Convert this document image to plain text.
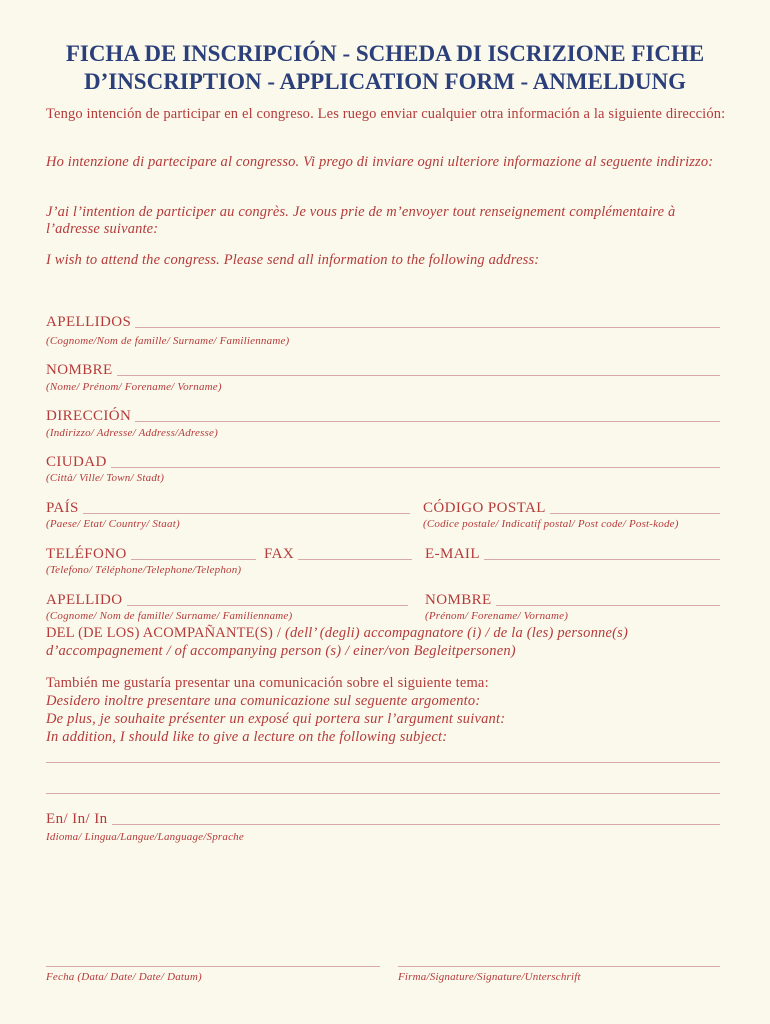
FICHA DE INSCRIPCIÓN - SCHEDA DI ISCRIZIONE FICHE
D’INSCRIPTION - APPLICATION FORM - ANMELDUNG

Tengo intención de participar en el congreso. Les ruego enviar cualquier otra información a la siguiente dirección:

Ho intenzione di partecipare al congresso. Vi prego di inviare ogni ulteriore informazione al seguente indirizzo:

J’ai l’intention de participer au congrès. Je vous prie de m’envoyer tout renseignement complémentaire à l’adresse suivante:

I wish to attend the congress. Please send all information to the following address:

APELLIDOS
(Cognome/Nom de famille/ Surname/ Familienname)
NOMBRE
(Nome/ Prénom/ Forename/ Vorname)
DIRECCIÓN
(Indirizzo/ Adresse/ Address/Adresse)
CIUDAD
(Città/ Ville/ Town/ Stadt)
PAÍS	CÓDIGO POSTAL
(Paese/ Etat/ Country/ Staat)	(Codice postale/ Indicatif postal/ Post code/ Post-kode)
TELÉFONO	FAX	E-MAIL
(Telefono/ Téléphone/Telephone/Telephon)
APELLIDO	NOMBRE
(Cognome/ Nom de famille/ Surname/ Familienname)	(Prénom/ Forename/ Vorname)

DEL (DE LOS) ACOMPAÑANTE(S) / (dell’ (degli) accompagnatore (i) / de la (les) personne(s) d’accompagnement / of accompanying person (s) / einer/von Begleitpersonen)

También me gustaría presentar una comunicación sobre el siguiente tema:
Desidero inoltre presentare una comunicazione sul seguente argomento:
De plus, je souhaite présenter un exposé qui portera sur l’argument suivant:
In addition, I should like to give a lecture on the following subject:

En/ In/ In
Idioma/ Lingua/Langue/Language/Sprache
Fecha (Data/ Date/ Date/ Datum)	Firma/Signature/Signature/Unterschrift
